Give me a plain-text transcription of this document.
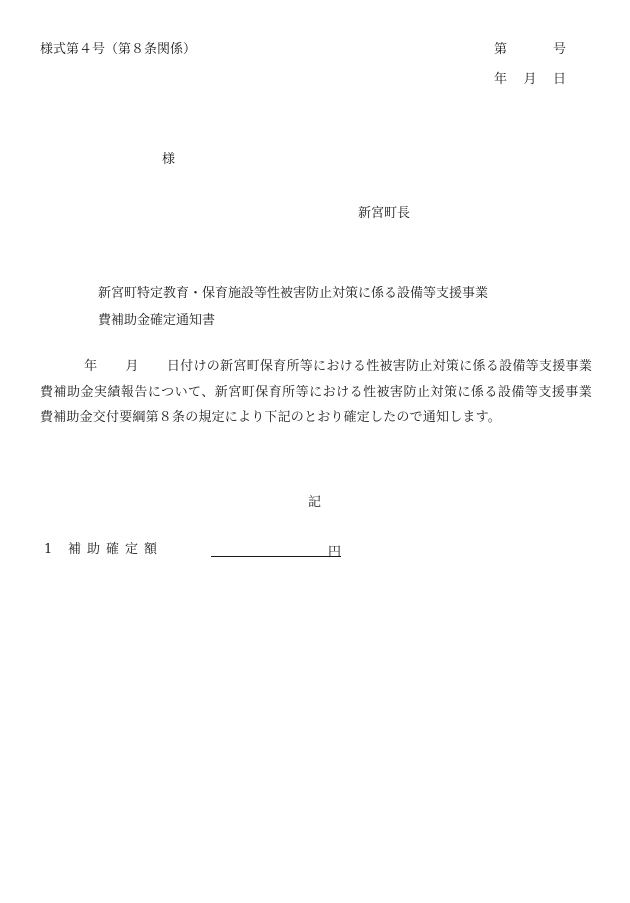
様式第４号（第８条関係）	第	号
年 月 日
様
新宮町長
新宮町特定教育・保育施設等性被害防止対策に係る設備等支援事業
費補助金確定通知書
年 月 日付けの新宮町保育所等における性被害防止対策に係る設備等支援事業費補助金実績報告について、新宮町保育所等における性被害防止対策に係る設備等支援事業費補助金交付要綱第８条の規定により下記のとおり確定したので通知します。
記
1 補助確定額	円
